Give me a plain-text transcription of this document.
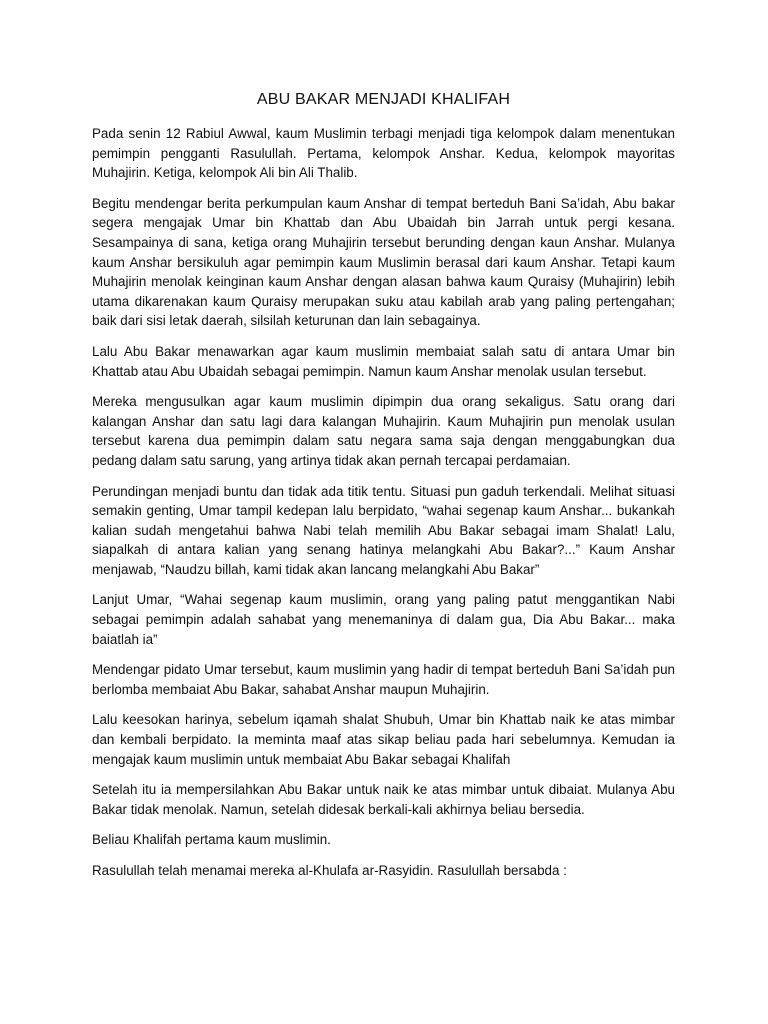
ABU BAKAR MENJADI KHALIFAH

Pada senin 12 Rabiul Awwal, kaum Muslimin terbagi menjadi tiga kelompok dalam menentukan pemimpin pengganti Rasulullah. Pertama, kelompok Anshar. Kedua, kelompok mayoritas Muhajirin. Ketiga, kelompok Ali bin Ali Thalib.

Begitu mendengar berita perkumpulan kaum Anshar di tempat berteduh Bani Sa’idah, Abu bakar segera mengajak Umar bin Khattab dan Abu Ubaidah bin Jarrah untuk pergi kesana. Sesampainya di sana, ketiga orang Muhajirin tersebut berunding dengan kaun Anshar. Mulanya kaum Anshar bersikuluh agar pemimpin kaum Muslimin berasal dari kaum Anshar. Tetapi kaum Muhajirin menolak keinginan kaum Anshar dengan alasan bahwa kaum Quraisy (Muhajirin) lebih utama dikarenakan kaum Quraisy merupakan suku atau kabilah arab yang paling pertengahan; baik dari sisi letak daerah, silsilah keturunan dan lain sebagainya.

Lalu Abu Bakar menawarkan agar kaum muslimin membaiat salah satu di antara Umar bin Khattab atau Abu Ubaidah sebagai pemimpin. Namun kaum Anshar menolak usulan tersebut.

Mereka mengusulkan agar kaum muslimin dipimpin dua orang sekaligus. Satu orang dari kalangan Anshar dan satu lagi dara kalangan Muhajirin. Kaum Muhajirin pun menolak usulan tersebut karena dua pemimpin dalam satu negara sama saja dengan menggabungkan dua pedang dalam satu sarung, yang artinya tidak akan pernah tercapai perdamaian.

Perundingan menjadi buntu dan tidak ada titik tentu. Situasi pun gaduh terkendali. Melihat situasi semakin genting, Umar tampil kedepan lalu berpidato, “wahai segenap kaum Anshar... bukankah kalian sudah mengetahui bahwa Nabi telah memilih Abu Bakar sebagai imam Shalat! Lalu, siapalkah di antara kalian yang senang hatinya melangkahi Abu Bakar?...” Kaum Anshar menjawab, “Naudzu billah, kami tidak akan lancang melangkahi Abu Bakar”

Lanjut Umar, “Wahai segenap kaum muslimin, orang yang paling patut menggantikan Nabi sebagai pemimpin adalah sahabat yang menemaninya di dalam gua, Dia Abu Bakar... maka baiatlah ia”

Mendengar pidato Umar tersebut, kaum muslimin yang hadir di tempat berteduh Bani Sa’idah pun berlomba membaiat Abu Bakar, sahabat Anshar maupun Muhajirin.

Lalu keesokan harinya, sebelum iqamah shalat Shubuh, Umar bin Khattab naik ke atas mimbar dan kembali berpidato. Ia meminta maaf atas sikap beliau pada hari sebelumnya. Kemudan ia mengajak kaum muslimin untuk membaiat Abu Bakar sebagai Khalifah

Setelah itu ia mempersilahkan Abu Bakar untuk naik ke atas mimbar untuk dibaiat. Mulanya Abu Bakar tidak menolak. Namun, setelah didesak berkali-kali akhirnya beliau bersedia.

Beliau Khalifah pertama kaum muslimin.

Rasulullah telah menamai mereka al-Khulafa ar-Rasyidin. Rasulullah bersabda :
